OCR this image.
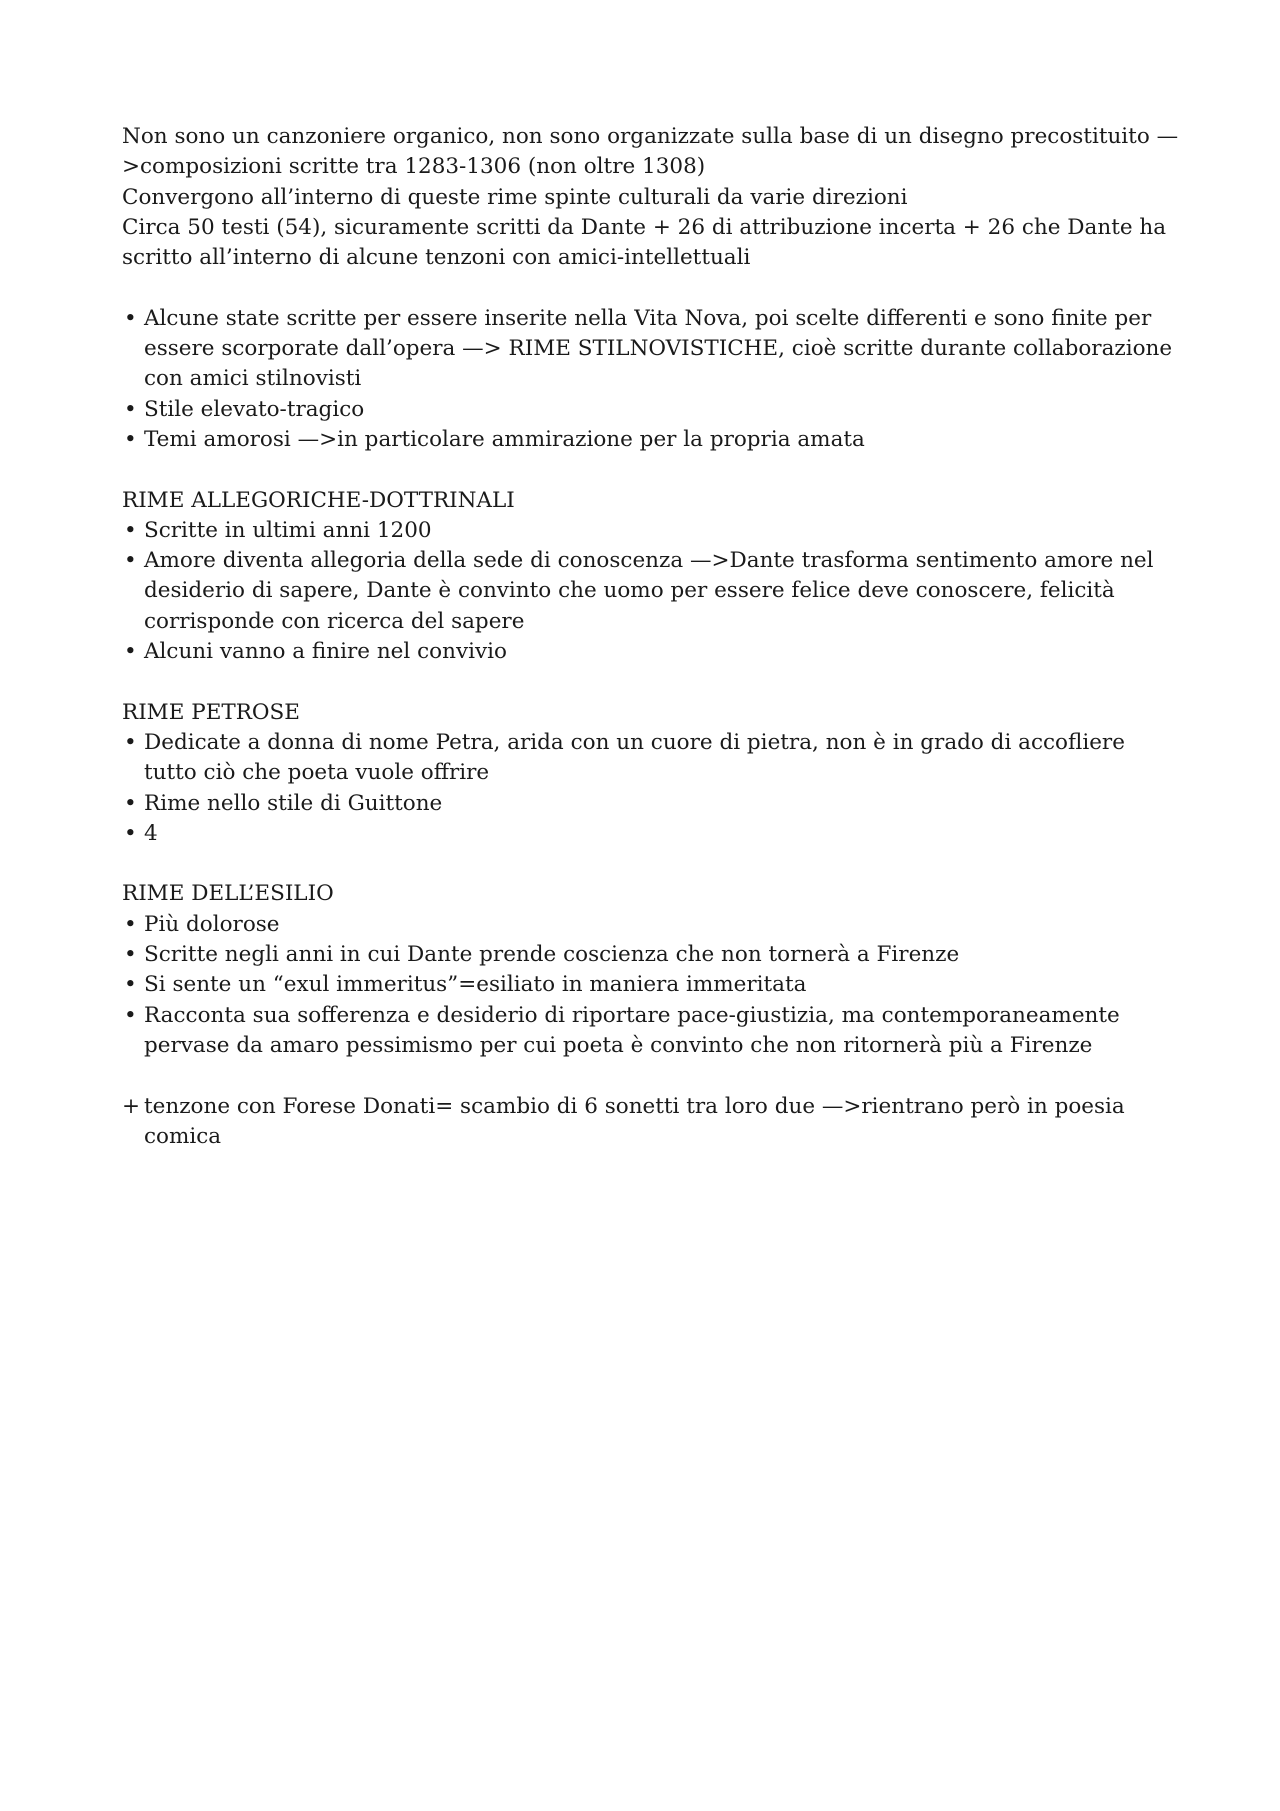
Non sono un canzoniere organico, non sono organizzate sulla base di un disegno precostituito —>composizioni scritte tra 1283-1306 (non oltre 1308)

Convergono all’interno di queste rime spinte culturali da varie direzioni

Circa 50 testi (54), sicuramente scritti da Dante + 26 di attribuzione incerta + 26 che Dante ha scritto all’interno di alcune tenzoni con amici-intellettuali

• Alcune state scritte per essere inserite nella Vita Nova, poi scelte differenti e sono finite per essere scorporate dall’opera —> RIME STILNOVISTICHE, cioè scritte durante collaborazione con amici stilnovisti
• Stile elevato-tragico
• Temi amorosi —>in particolare ammirazione per la propria amata

RIME ALLEGORICHE-DOTTRINALI

• Scritte in ultimi anni 1200
• Amore diventa allegoria della sede di conoscenza —>Dante trasforma sentimento amore nel desiderio di sapere, Dante è convinto che uomo per essere felice deve conoscere, felicità corrisponde con ricerca del sapere
• Alcuni vanno a finire nel convivio

RIME PETROSE

• Dedicate a donna di nome Petra, arida con un cuore di pietra, non è in grado di accofliere tutto ciò che poeta vuole offrire
• Rime nello stile di Guittone
• 4

RIME DELL’ESILIO

• Più dolorose
• Scritte negli anni in cui Dante prende coscienza che non tornerà a Firenze
• Si sente un “exul immeritus”=esiliato in maniera immeritata
• Racconta sua sofferenza e desiderio di riportare pace-giustizia, ma contemporaneamente pervase da amaro pessimismo per cui poeta è convinto che non ritornerà più a Firenze
+ tenzone con Forese Donati= scambio di 6 sonetti tra loro due —>rientrano però in poesia comica
